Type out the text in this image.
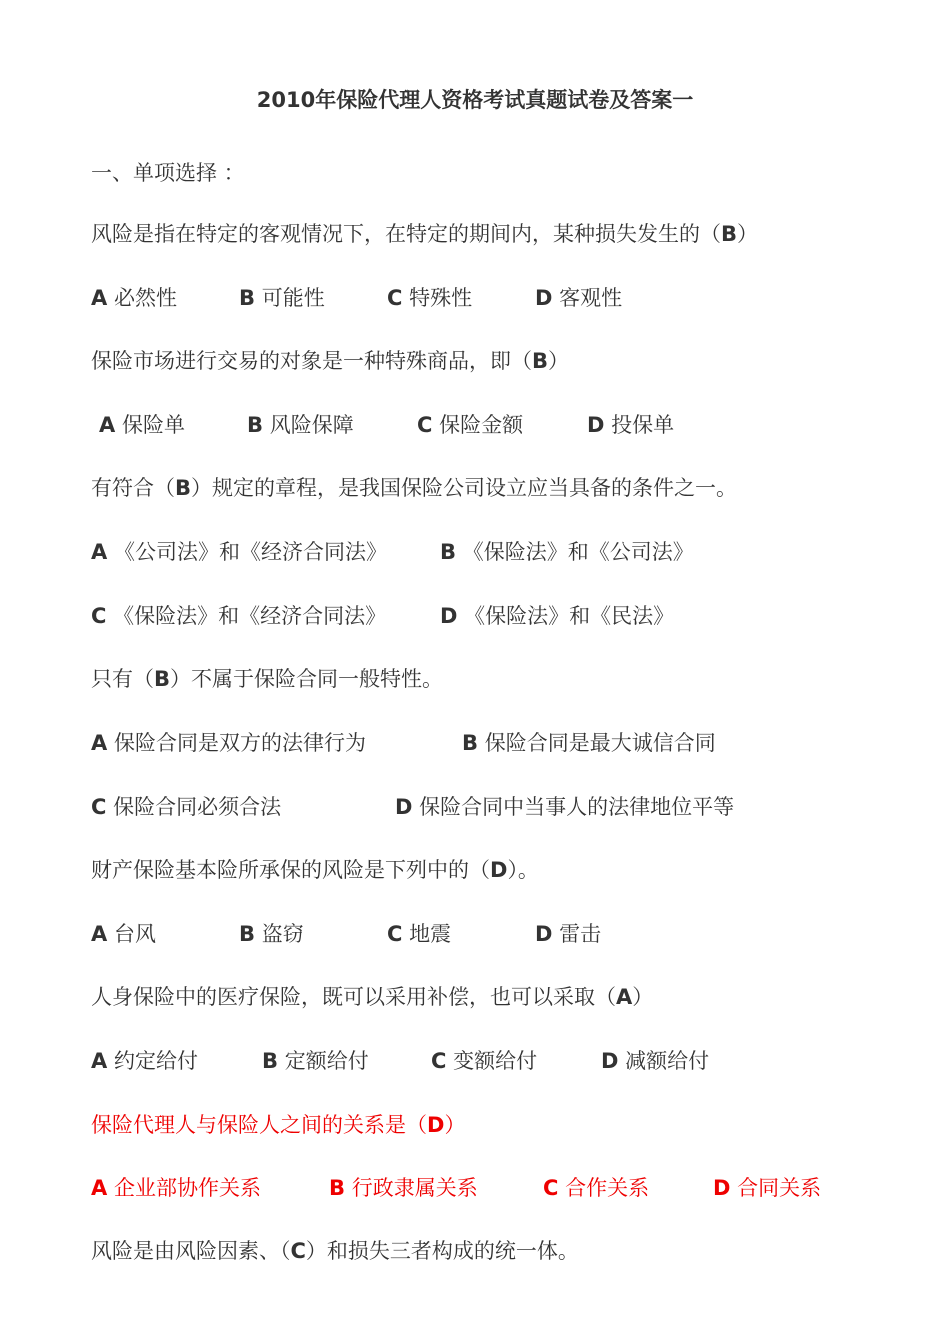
2010年保险代理人资格考试真题试卷及答案一
一、单项选择 ：
风险是指在特定的客观情况下，在特定的期间内，某种损失发生的（B）
A 必然性	B 可能性	C 特殊性	D 客观性
保险市场进行交易的对象是一种特殊商品，即（B）
A 保险单	B 风险保障	C 保险金额	D 投保单
有符合（B）规定的章程，是我国保险公司设立应当具备的条件之一。
A 《公司法》和《经济合同法》	B 《保险法》和《公司法》
C 《保险法》和《经济合同法》	D 《保险法》和《民法》
只有（B）不属于保险合同一般特性。
A 保险合同是双方的法律行为	B 保险合同是最大诚信合同
C 保险合同必须合法	D 保险合同中当事人的法律地位平等
财产保险基本险所承保的风险是下列中的（D）。
A 台风	B 盗窃	C 地震	D 雷击
人身保险中的医疗保险，既可以采用补偿，也可以采取（A）
A 约定给付	B 定额给付	C 变额给付	D 减额给付
保险代理人与保险人之间的关系是（D）
A 企业部协作关系	B 行政隶属关系	C 合作关系	D 合同关系
风险是由风险因素、（C）和损失三者构成的统一体。
